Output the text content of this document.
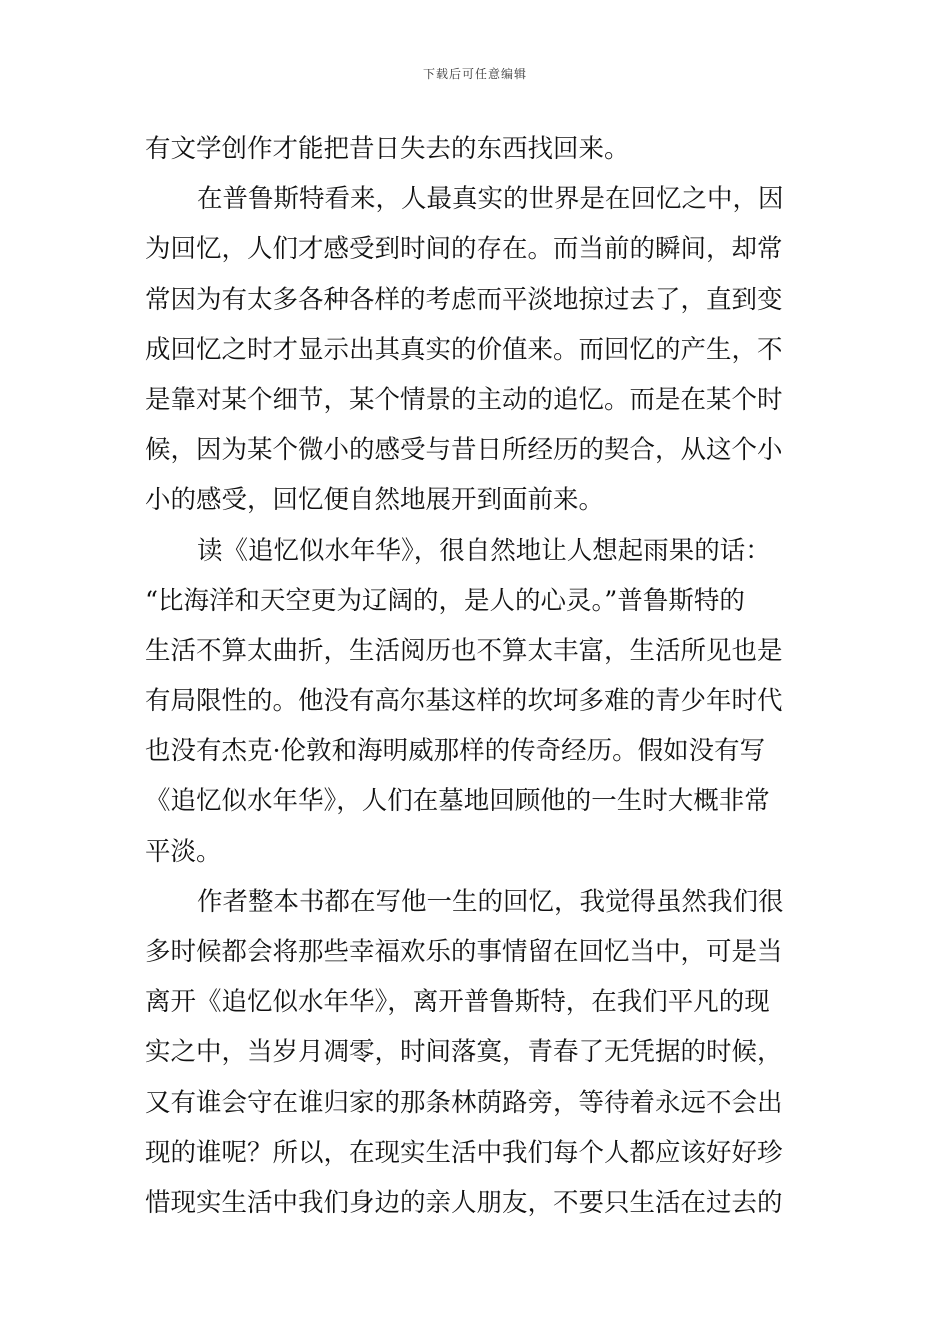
下载后可任意编辑
有文学创作才能把昔日失去的东西找回来。
在普鲁斯特看来，人最真实的世界是在回忆之中，因
为回忆，人们才感受到时间的存在。而当前的瞬间，却常
常因为有太多各种各样的考虑而平淡地掠过去了，直到变
成回忆之时才显示出其真实的价值来。而回忆的产生，不
是靠对某个细节，某个情景的主动的追忆。而是在某个时
候，因为某个微小的感受与昔日所经历的契合，从这个小
小的感受，回忆便自然地展开到面前来。
读《追忆似水年华》，很自然地让人想起雨果的话：
“比海洋和天空更为辽阔的，是人的心灵。”普鲁斯特的
生活不算太曲折，生活阅历也不算太丰富，生活所见也是
有局限性的。他没有高尔基这样的坎坷多难的青少年时代
也没有杰克·伦敦和海明威那样的传奇经历。假如没有写
《追忆似水年华》，人们在墓地回顾他的一生时大概非常
平淡。
作者整本书都在写他一生的回忆，我觉得虽然我们很
多时候都会将那些幸福欢乐的事情留在回忆当中，可是当
离开《追忆似水年华》，离开普鲁斯特，在我们平凡的现
实之中，当岁月凋零，时间落寞，青春了无凭据的时候，
又有谁会守在谁归家的那条林荫路旁，等待着永远不会出
现的谁呢？所以，在现实生活中我们每个人都应该好好珍
惜现实生活中我们身边的亲人朋友，不要只生活在过去的
